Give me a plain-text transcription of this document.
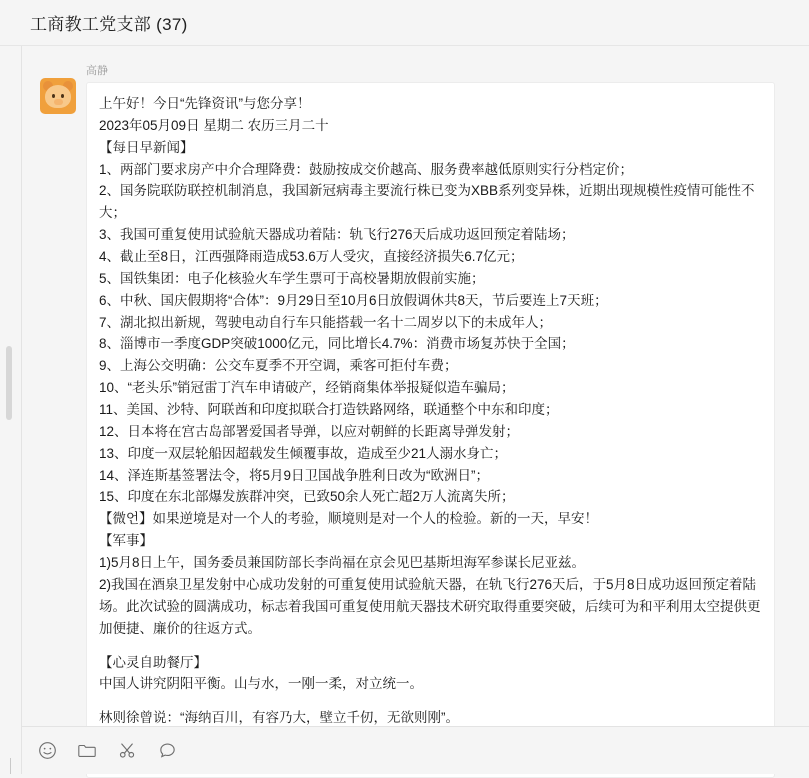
工商教工党支部 (37)
高静

上午好！今日“先锋资讯”与您分享！

2023年05月09日 星期二 农历三月二十

【每日早新闻】

1、两部门要求房产中介合理降费：鼓励按成交价越高、服务费率越低原则实行分档定价；

2、国务院联防联控机制消息，我国新冠病毒主要流行株已变为XBB系列变异株，近期出现规模性疫情可能性不大；

3、我国可重复使用试验航天器成功着陆：轨飞行276天后成功返回预定着陆场；

4、截止至8日，江西强降雨造成53.6万人受灾，直接经济损失6.7亿元；

5、国铁集团：电子化核验火车学生票可于高校暑期放假前实施；

6、中秋、国庆假期将“合体”：9月29日至10月6日放假调休共8天，节后要连上7天班；

7、湖北拟出新规，驾驶电动自行车只能搭载一名十二周岁以下的未成年人；

8、淄博市一季度GDP突破1000亿元，同比增长4.7%：消费市场复苏快于全国；

9、上海公交明确：公交车夏季不开空调，乘客可拒付车费；

10、“老头乐”销冠雷丁汽车申请破产，经销商集体举报疑似造车骗局；

11、美国、沙特、阿联酋和印度拟联合打造铁路网络，联通整个中东和印度；

12、日本将在宫古岛部署爱国者导弹，以应对朝鲜的长距离导弹发射；

13、印度一双层轮船因超载发生倾覆事故，造成至少21人溺水身亡；

14、泽连斯基签署法令，将5月9日卫国战争胜利日改为“欧洲日”；

15、印度在东北部爆发族群冲突，已致50余人死亡超2万人流离失所；

【微언】如果逆境是对一个人的考验，顺境则是对一个人的检验。新的一天，早安！

【军事】

1)5月8日上午，国务委员兼国防部长李尚福在京会见巴基斯坦海军参谋长尼亚兹。

2)我国在酒泉卫星发射中心成功发射的可重复使用试验航天器，在轨飞行276天后，于5月8日成功返回预定着陆场。此次试验的圆满成功，标志着我国可重复使用航天器技术研究取得重要突破，后续可为和平利用太空提供更加便捷、廉价的往返方式。

【心灵自助餐厅】

中国人讲究阴阳平衡。山与水，一刚一柔，对立统一。

林则徐曾说：“海纳百川，有容乃大，壁立千仞，无欲则刚”。
